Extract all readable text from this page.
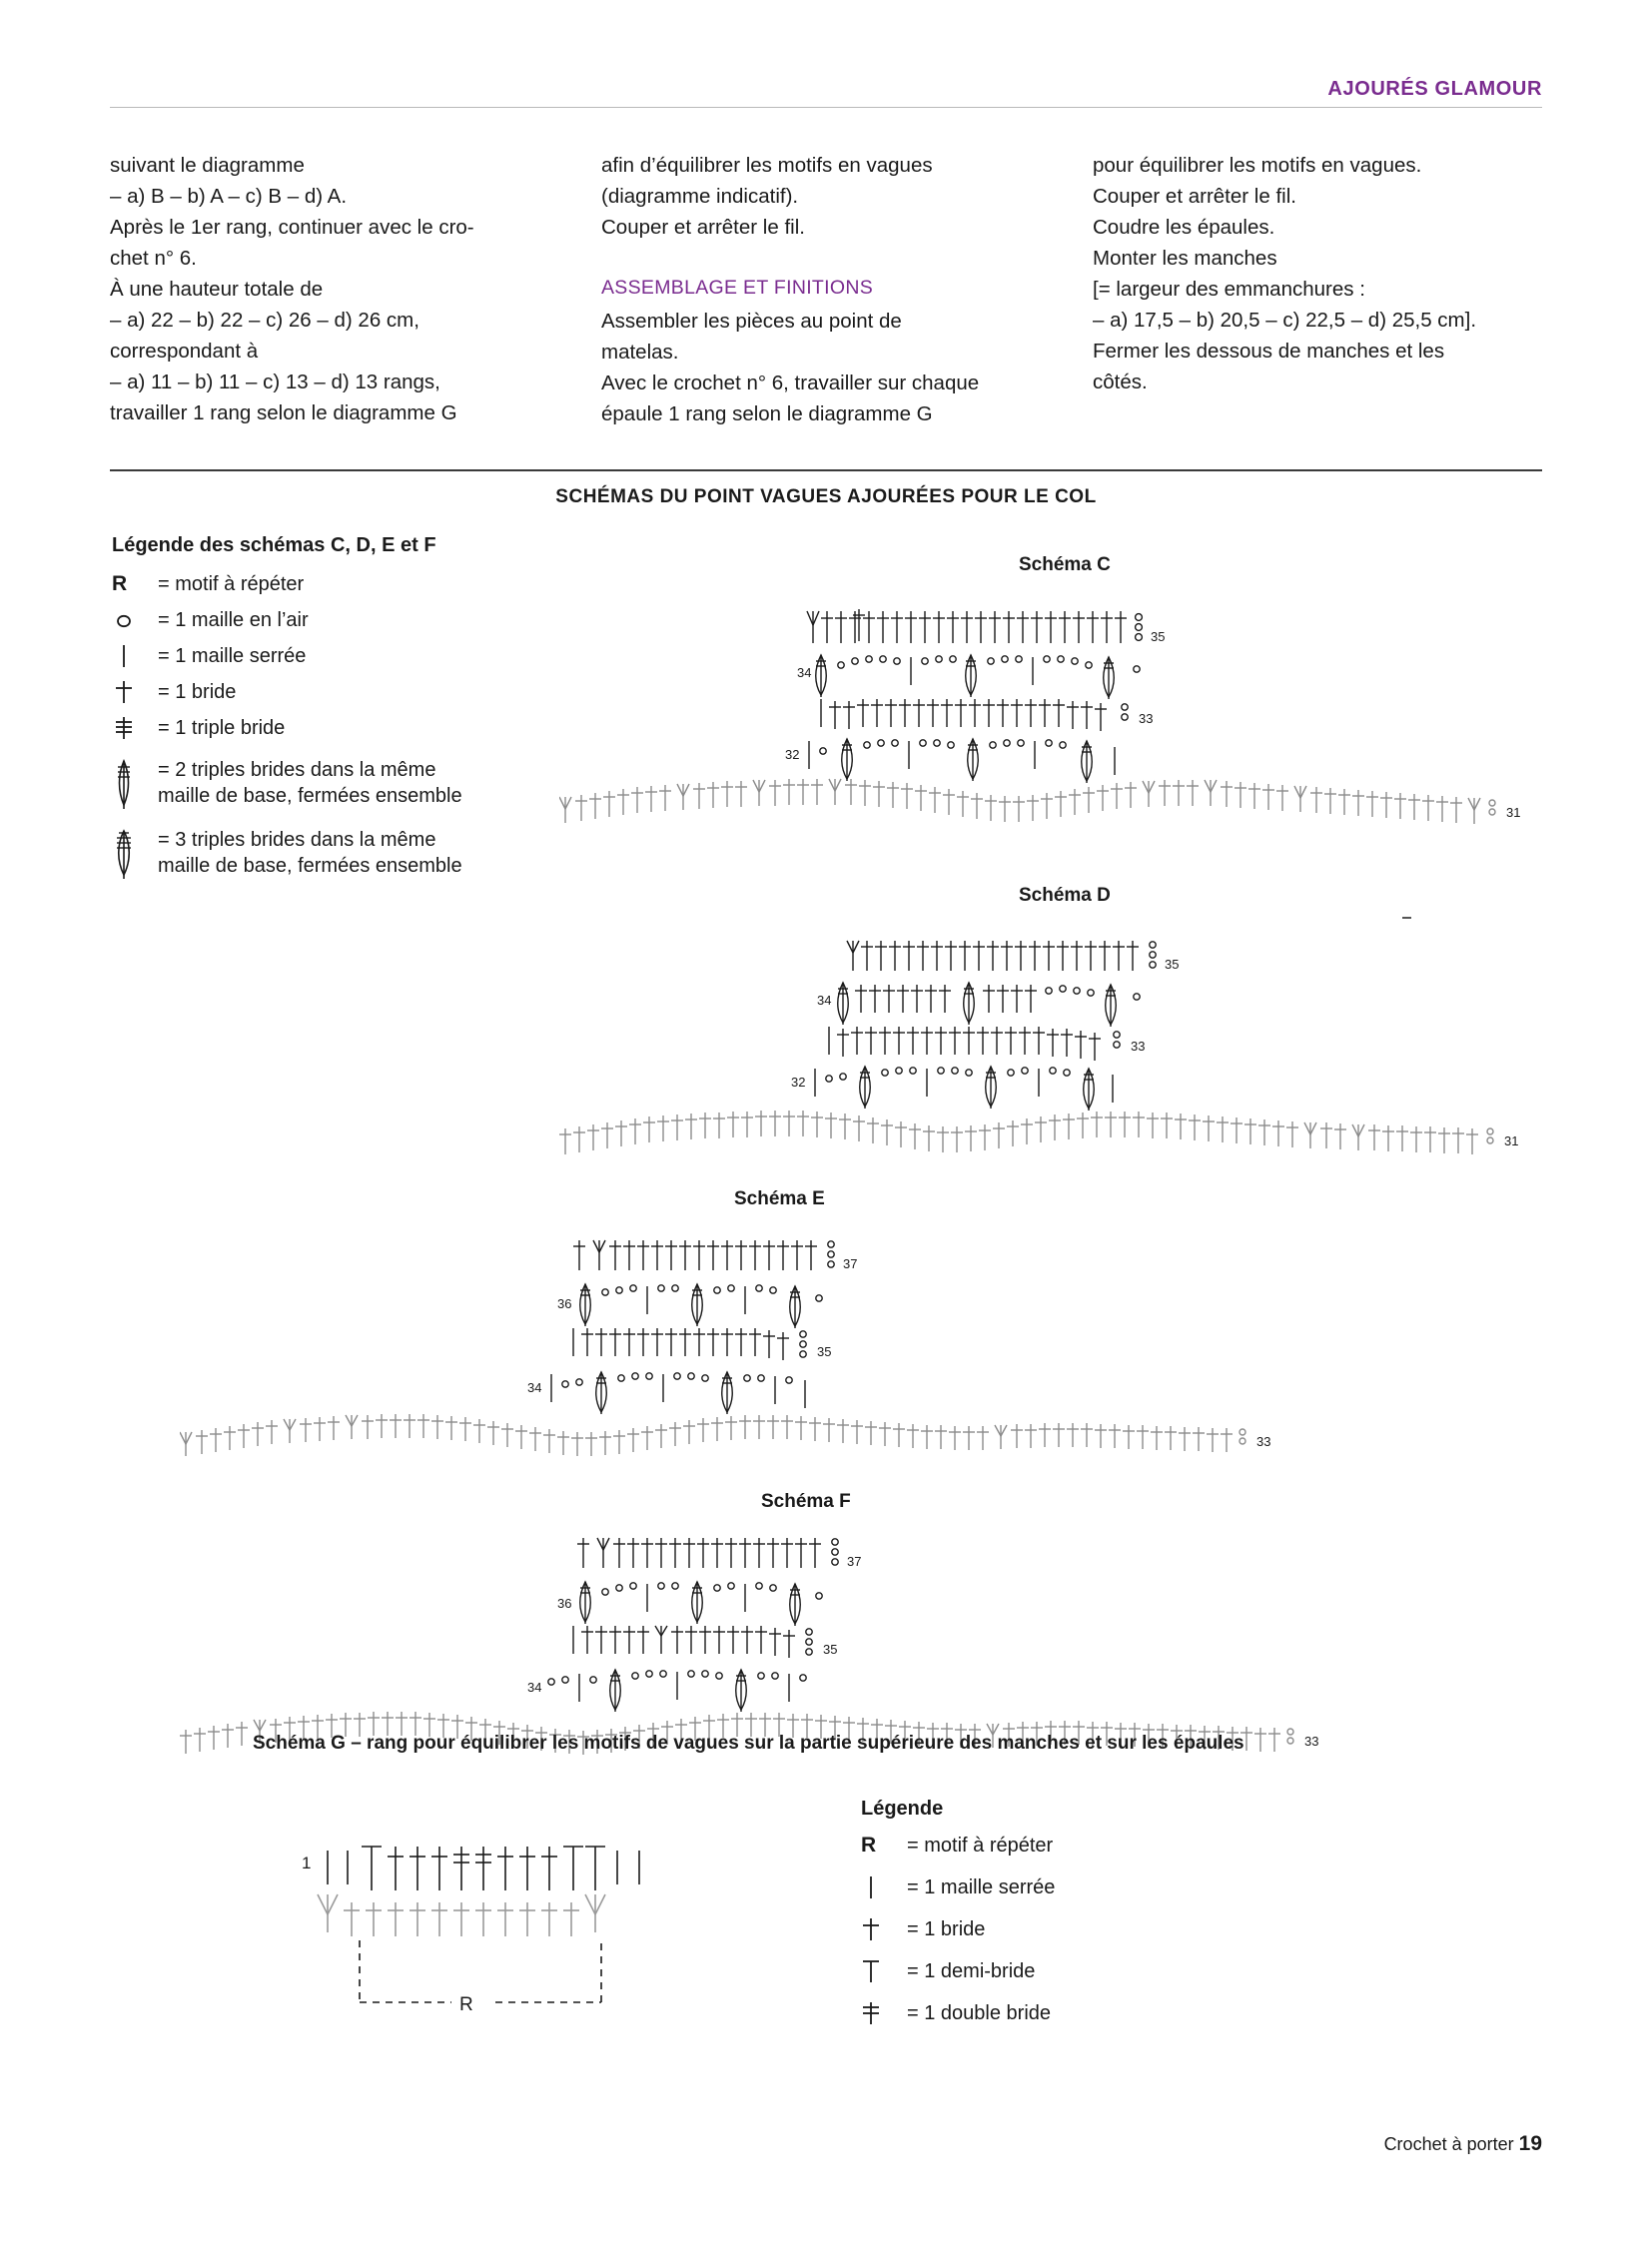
AJOURÉS GLAMOUR

suivant le diagramme

– a) B – b) A – c) B – d) A.

Après le 1er rang, continuer avec le cro-

chet n° 6.

À une hauteur totale de

– a) 22 – b) 22 – c) 26 – d) 26 cm,

correspondant à

– a) 11 – b) 11 – c) 13 – d) 13 rangs,

travailler 1 rang selon le diagramme G

afin d’équilibrer les motifs en vagues

(diagramme indicatif).

Couper et arrêter le fil.

ASSEMBLAGE ET FINITIONS

Assembler les pièces au point de

matelas.

Avec le crochet n° 6, travailler sur chaque

épaule 1 rang selon le diagramme G

pour équilibrer les motifs en vagues.

Couper et arrêter le fil.

Coudre les épaules.

Monter les manches

[= largeur des emmanchures :

– a) 17,5 – b) 20,5 – c) 22,5 – d) 25,5 cm].

Fermer les dessous de manches et les

côtés.

SCHÉMAS DU POINT VAGUES AJOURÉES POUR LE COL
Légende des schémas C, D, E et F
R	= motif à répéter
= 1 maille en l’air
= 1 maille serrée
= 1 bride
= 1 triple bride
= 2 triples brides dans la même
maille de base, fermées ensemble
= 3 triples brides dans la même
maille de base, fermées ensemble
Schéma C
35
34
33
32
31
Schéma D
35
34
33
32
31
Schéma E
37
36
35
34
33
Schéma F
37
36
35
34
33
Schéma G – rang pour équilibrer les motifs de vagues sur la partie supérieure des manches et sur les épaules
1
R
Légende
R	= motif à répéter
= 1 maille serrée
= 1 bride
= 1 demi-bride
= 1 double bride
Crochet à porter 19
